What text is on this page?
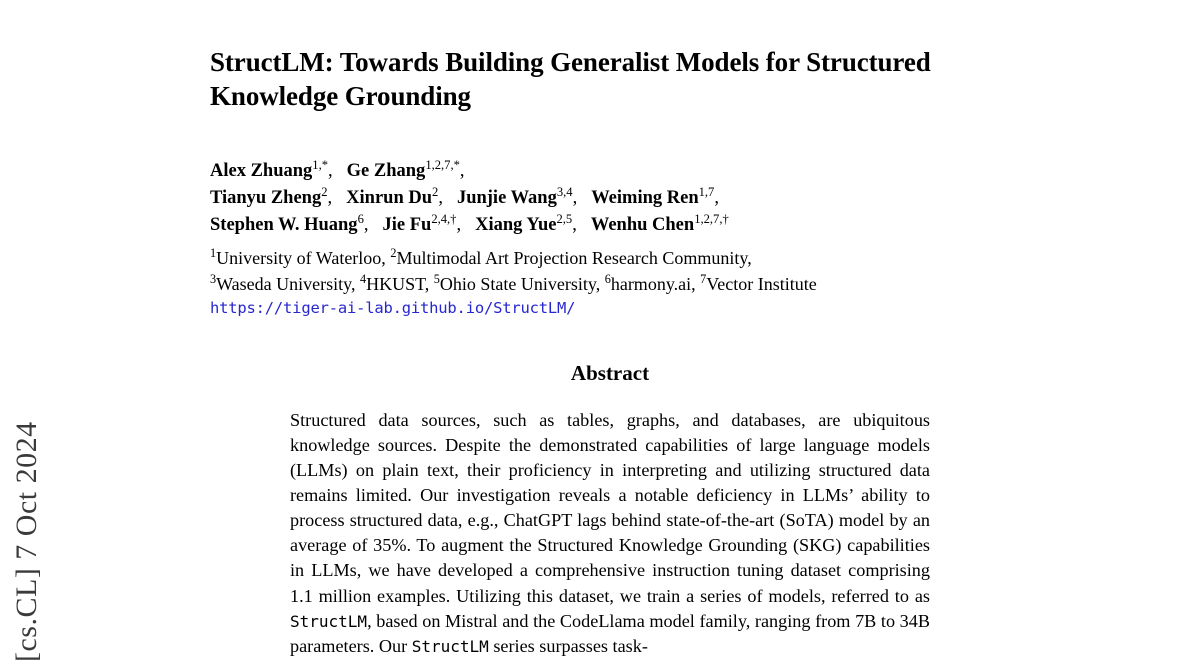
[cs.CL] 7 Oct 2024
StructLM: Towards Building Generalist Models for Structured Knowledge Grounding
Alex Zhuang$^{1,*}$, Ge Zhang$^{1,2,7,*}$,
Tianyu Zheng$^2$, Xinrun Du$^2$, Junjie Wang$^{3,4}$, Weiming Ren$^{1,7}$,
Stephen W. Huang$^6$, Jie $Fu^{2,4,\dagger}$, Xiang Yue$^{2,5}$, Wenhu Chen$^{1,2,7,\dagger}$
$^1$University of Waterloo, $^2$Multimodal Art Projection Research Community,
$^3$Waseda University, $^4$HKUST, $^5$Ohio State University, $^6$harmony.ai, $^7$Vector Institute
https://tiger-ai-lab.github.io/StructLM/
Abstract

Structured data sources, such as tables, graphs, and databases, are ubiquitous knowledge sources. Despite the demonstrated capabilities of large language models (LLMs) on plain text, their proficiency in interpreting and utilizing structured data remains limited. Our investigation reveals a notable deficiency in LLMs’ ability to process structured data, e.g., ChatGPT lags behind state-of-the-art (SoTA) model by an average of 35%. To augment the Structured Knowledge Grounding (SKG) capabilities in LLMs, we have developed a comprehensive instruction tuning dataset comprising 1.1 million examples. Utilizing this dataset, we train a series of models, referred to as StructLM, based on Mistral and the CodeLlama model family, ranging from 7B to 34B parameters. Our StructLM series surpasses task-
